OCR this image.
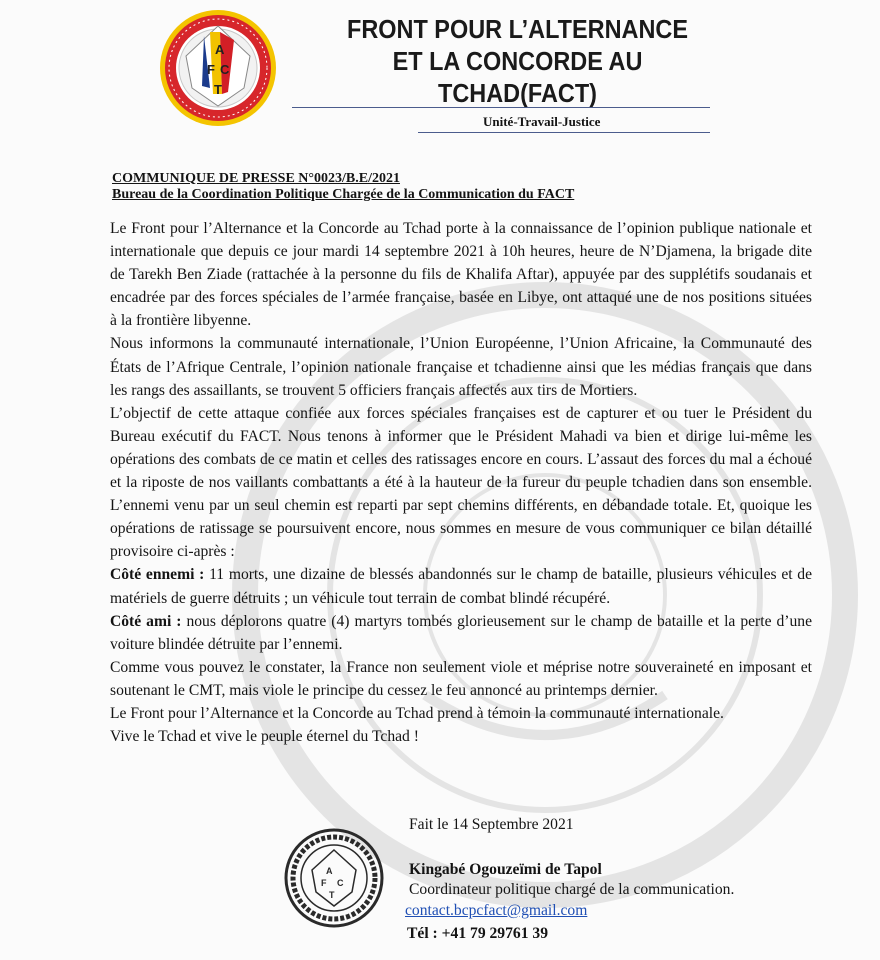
A
F C
T
FRONT POUR L’ALTERNANCE
ET LA CONCORDE AU
TCHAD(FACT)
Unité-Travail-Justice
COMMUNIQUE DE PRESSE N°0023/B.E/2021
Bureau de la Coordination Politique Chargée de la Communication du FACT

Le Front pour l’Alternance et la Concorde au Tchad porte à la connaissance de l’opinion publique nationale et internationale que depuis ce jour mardi 14 septembre 2021 à 10h heures, heure de N’Djamena, la brigade dite de Tarekh Ben Ziade (rattachée à la personne du fils de Khalifa Aftar), appuyée par des supplétifs soudanais et encadrée par des forces spéciales de l’armée française, basée en Libye, ont attaqué une de nos positions situées à la frontière libyenne.

Nous informons la communauté internationale, l’Union Européenne, l’Union Africaine, la Communauté des États de l’Afrique Centrale, l’opinion nationale française et tchadienne ainsi que les médias français que dans les rangs des assaillants, se trouvent 5 officiers français affectés aux tirs de Mortiers.

L’objectif de cette attaque confiée aux forces spéciales françaises est de capturer et ou tuer le Président du Bureau exécutif du FACT. Nous tenons à informer que le Président Mahadi va bien et dirige lui-même les opérations des combats de ce matin et celles des ratissages encore en cours. L’assaut des forces du mal a échoué et la riposte de nos vaillants combattants a été à la hauteur de la fureur du peuple tchadien dans son ensemble. L’ennemi venu par un seul chemin est reparti par sept chemins différents, en débandade totale. Et, quoique les opérations de ratissage se poursuivent encore, nous sommes en mesure de vous communiquer ce bilan détaillé provisoire ci-après :

Côté ennemi : 11 morts, une dizaine de blessés abandonnés sur le champ de bataille, plusieurs véhicules et de matériels de guerre détruits ; un véhicule tout terrain de combat blindé récupéré.

Côté ami : nous déplorons quatre (4) martyrs tombés glorieusement sur le champ de bataille et la perte d’une voiture blindée détruite par l’ennemi.

Comme vous pouvez le constater, la France non seulement viole et méprise notre souveraineté en imposant et soutenant le CMT, mais viole le principe du cessez le feu annoncé au printemps dernier.

Le Front pour l’Alternance et la Concorde au Tchad prend à témoin la communauté internationale.

Vive le Tchad et vive le peuple éternel du Tchad !

A
F C
T
Fait le 14 Septembre 2021
Kingabé Ogouzeïmi de Tapol
Coordinateur politique chargé de la communication.
contact.bcpcfact@gmail.com
Tél : +41 79 29761 39
